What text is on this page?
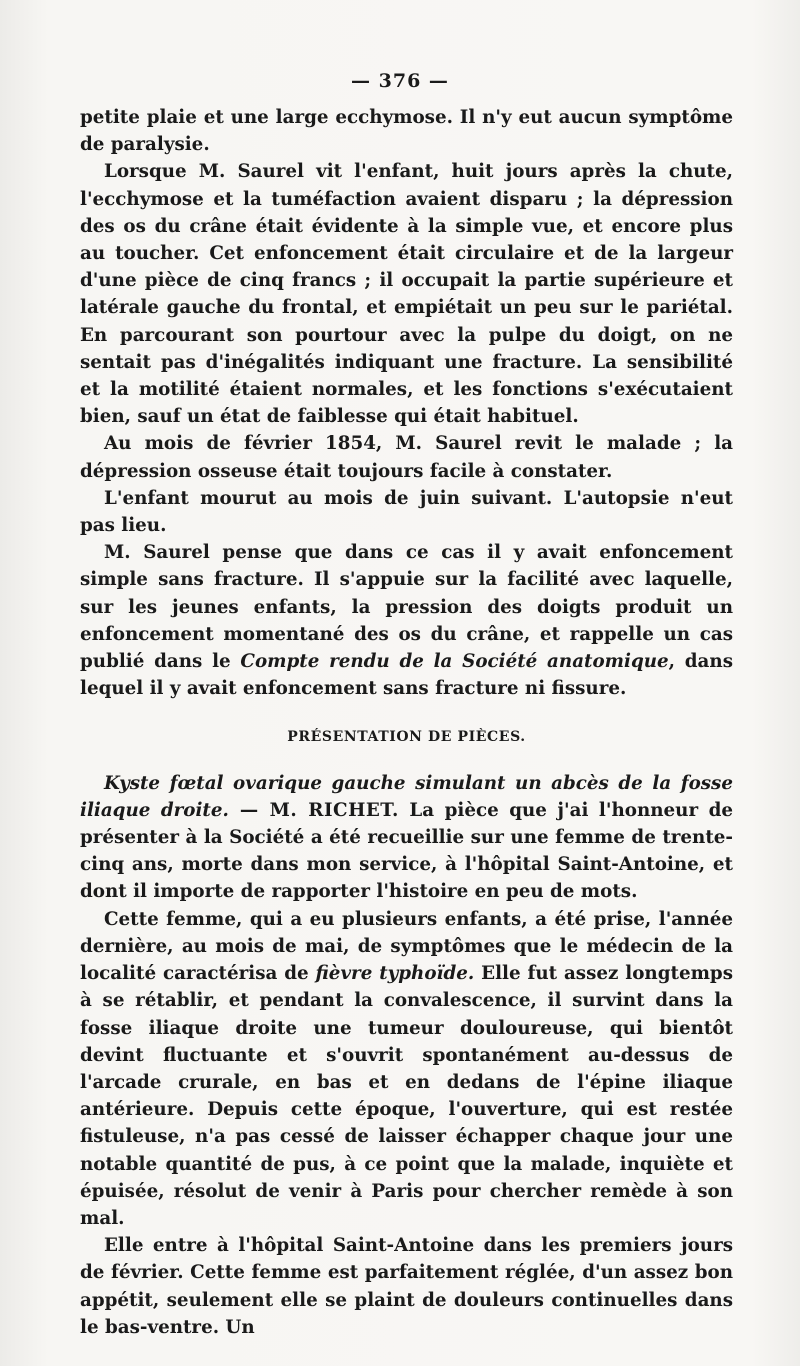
— 376 —

petite plaie et une large ecchymose. Il n'y eut aucun symptôme de paralysie.

Lorsque M. Saurel vit l'enfant, huit jours après la chute, l'ecchymose et la tuméfaction avaient disparu ; la dépression des os du crâne était évidente à la simple vue, et encore plus au toucher. Cet enfoncement était circulaire et de la largeur d'une pièce de cinq francs ; il occupait la partie supérieure et latérale gauche du frontal, et empiétait un peu sur le pariétal. En parcourant son pourtour avec la pulpe du doigt, on ne sentait pas d'inégalités indiquant une fracture. La sensibilité et la motilité étaient normales, et les fonctions s'exécutaient bien, sauf un état de faiblesse qui était habituel.

Au mois de février 1854, M. Saurel revit le malade ; la dépression osseuse était toujours facile à constater.

L'enfant mourut au mois de juin suivant. L'autopsie n'eut pas lieu.

M. Saurel pense que dans ce cas il y avait enfoncement simple sans fracture. Il s'appuie sur la facilité avec laquelle, sur les jeunes enfants, la pression des doigts produit un enfoncement momentané des os du crâne, et rappelle un cas publié dans le Compte rendu de la Société anatomique, dans lequel il y avait enfoncement sans fracture ni fissure.

PRÉSENTATION DE PIÈCES.

Kyste fœtal ovarique gauche simulant un abcès de la fosse iliaque droite. — M. RICHET. La pièce que j'ai l'honneur de présenter à la Société a été recueillie sur une femme de trente-cinq ans, morte dans mon service, à l'hôpital Saint-Antoine, et dont il importe de rapporter l'histoire en peu de mots.

Cette femme, qui a eu plusieurs enfants, a été prise, l'année dernière, au mois de mai, de symptômes que le médecin de la localité caractérisa de fièvre typhoïde. Elle fut assez longtemps à se rétablir, et pendant la convalescence, il survint dans la fosse iliaque droite une tumeur douloureuse, qui bientôt devint fluctuante et s'ouvrit spontanément au-dessus de l'arcade crurale, en bas et en dedans de l'épine iliaque antérieure. Depuis cette époque, l'ouverture, qui est restée fistuleuse, n'a pas cessé de laisser échapper chaque jour une notable quantité de pus, à ce point que la malade, inquiète et épuisée, résolut de venir à Paris pour chercher remède à son mal.

Elle entre à l'hôpital Saint-Antoine dans les premiers jours de février. Cette femme est parfaitement réglée, d'un assez bon appétit, seulement elle se plaint de douleurs continuelles dans le bas-ventre. Un
